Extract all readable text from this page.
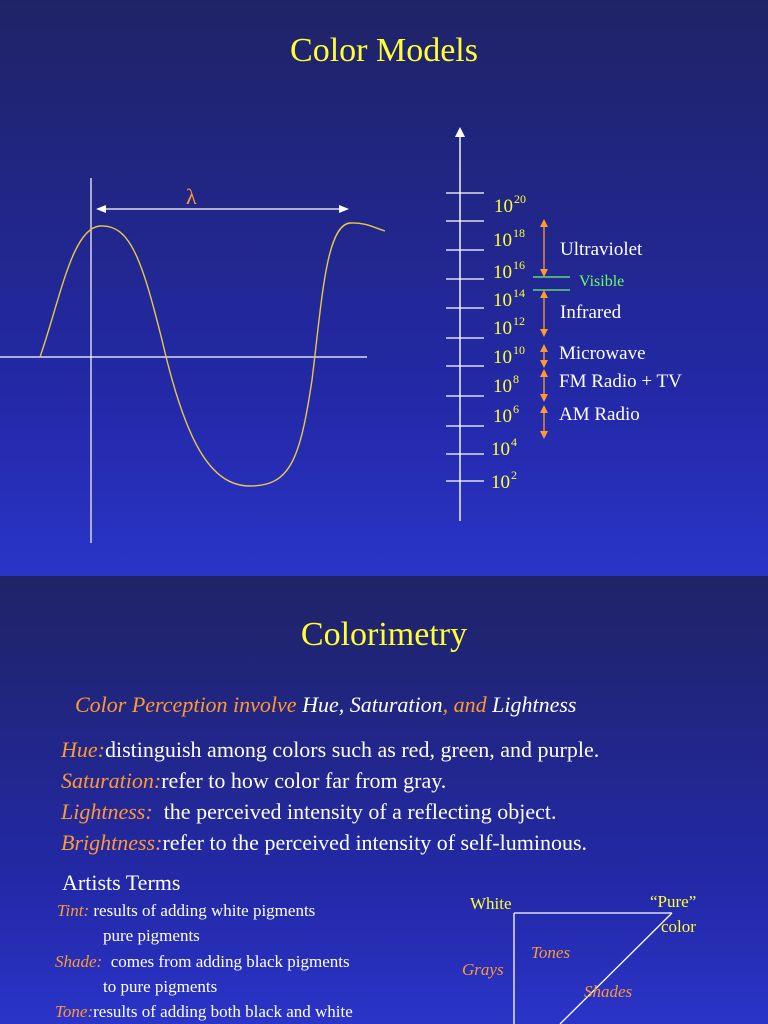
Color Models
λ	$10^{20}$
$10^{18}$
$10^{16}$
$10^{14}$
$10^{12}$
$10^{10}$
$10^8$
$10^6$
$10^4$
$10^2$
Ultraviolet
Visible
Infrared
Microwave
FM Radio + TV
AM Radio
Colorimetry
Color Perception involve Hue, Saturation, and Lightness
Hue:distinguish among colors such as red, green, and purple.
Saturation:refer to how color far from gray.
Lightness:  the perceived intensity of a reflecting object.
Brightness:refer to the perceived intensity of self-luminous.
Artists Terms
Tint: results of adding white pigments
pure pigments
Shade:  comes from adding black pigments
to pure pigments
Tone:results of adding both black and white
White	“Pure”
color
Tones
Grays
Shades
